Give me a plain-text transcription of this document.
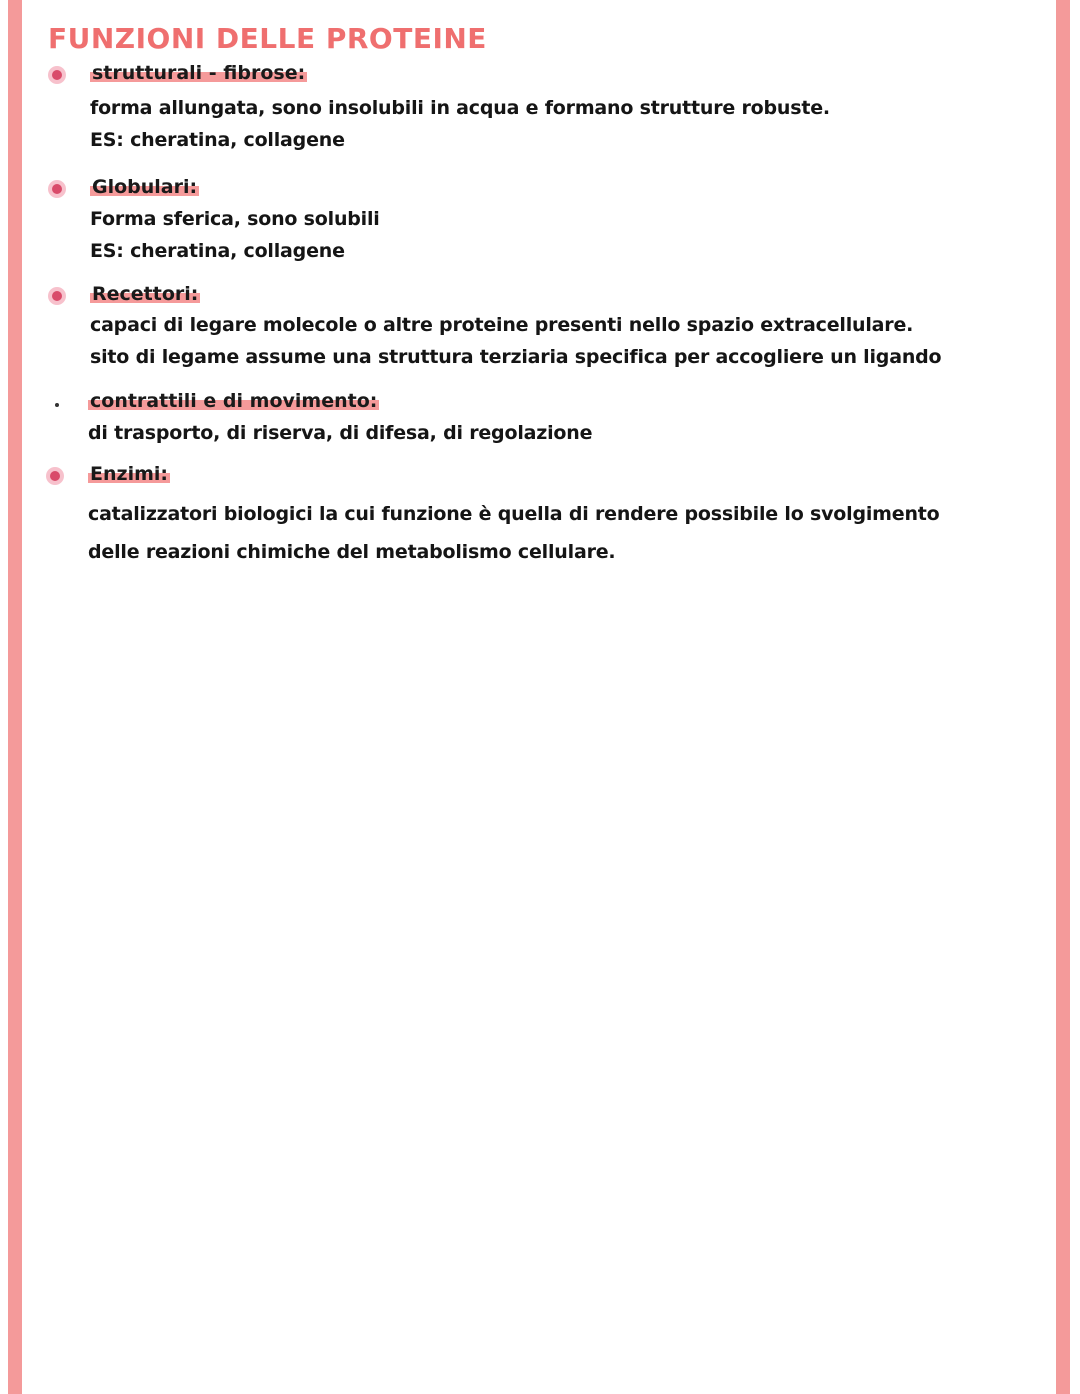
FUNZIONI DELLE PROTEINE
strutturali - fibrose:
forma allungata, sono insolubili in acqua e formano strutture robuste.
ES: cheratina, collagene
Globulari:
Forma sferica, sono solubili
ES: cheratina, collagene
Recettori:
capaci di legare molecole o altre proteine presenti nello spazio extracellulare.
sito di legame assume una struttura terziaria specifica per accogliere un ligando
contrattili e di movimento:
di trasporto, di riserva, di difesa, di regolazione
Enzimi:
catalizzatori biologici la cui funzione è quella di rendere possibile lo svolgimento
delle reazioni chimiche del metabolismo cellulare.
